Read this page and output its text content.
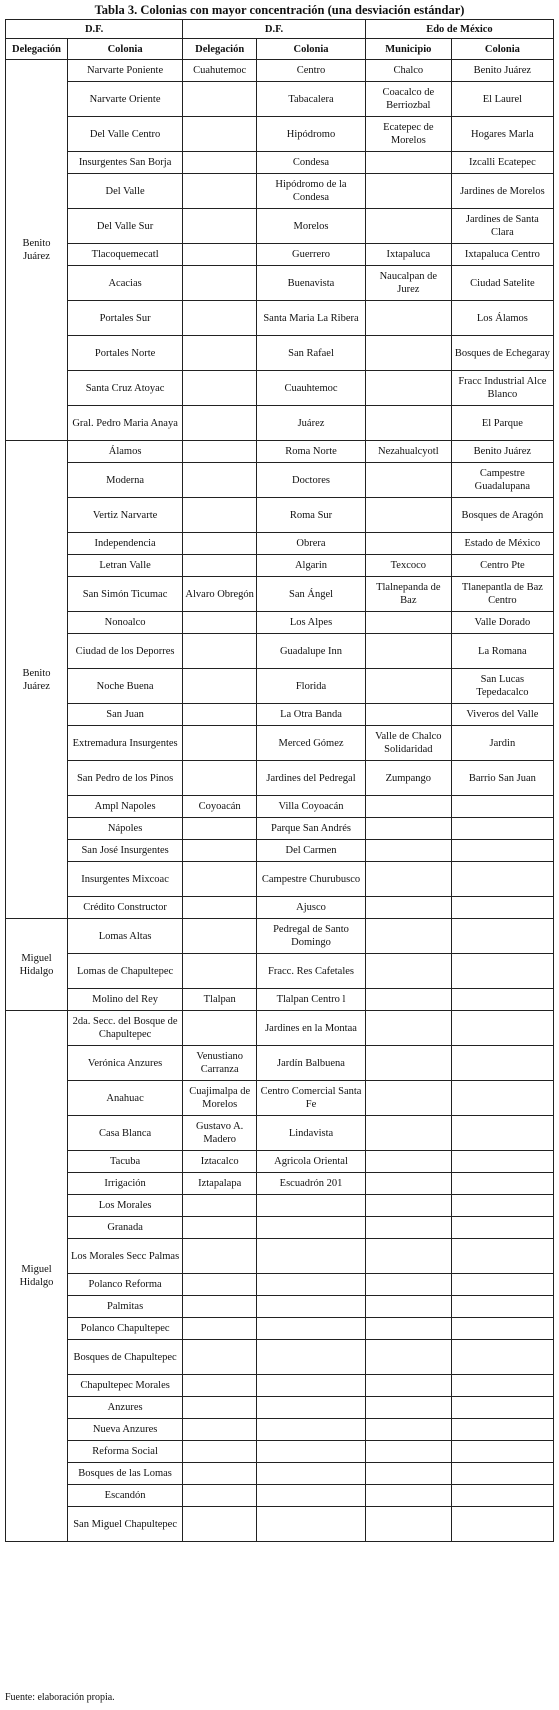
Tabla 3. Colonias con mayor concentración (una desviación estándar)
D.F.		D.F.		Edo de México	
Delegación	Colonia	Delegación	Colonia	Municipio	Colonia
Benito Juárez	Narvarte Poniente	Cuahutemoc	Centro	Chalco	Benito Juárez
	Narvarte Oriente		Tabacalera	Coacalco de Berriozbal	El Laurel
	Del Valle Centro		Hipódromo	Ecatepec de Morelos	Hogares Marla
	Insurgentes San Borja		Condesa		Izcalli Ecatepec
	Del Valle		Hipódromo de la Condesa		Jardines de Morelos
	Del Valle Sur		Morelos		Jardines de Santa Clara
	Tlacoquemecatl		Guerrero	Ixtapaluca	Ixtapaluca Centro
	Acacias		Buenavista	Naucalpan de Jurez	Ciudad Satelite
	Portales Sur		Santa Maria La Ribera		Los Álamos
	Portales Norte		San Rafael		Bosques de Echegaray
	Santa Cruz Atoyac		Cuauhtemoc		Fracc Industrial Alce Blanco
	Gral. Pedro Maria Anaya		Juárez		El Parque
Benito Juárez	Álamos		Roma Norte	Nezahualcyotl	Benito Juárez
	Moderna		Doctores		Campestre Guadalupana
	Vertiz Narvarte		Roma Sur		Bosques de Aragón
	Independencia		Obrera		Estado de México
	Letran Valle		Algarin	Texcoco	Centro Pte
	San Simón Ticumac	Alvaro Obregón	San Ángel	Tlalnepanda de Baz	Tlanepantla de Baz Centro
	Nonoalco		Los Alpes		Valle Dorado
	Ciudad de los Deporres		Guadalupe Inn		La Romana
	Noche Buena		Florida		San Lucas Tepedacalco
	San Juan		La Otra Banda		Viveros del Valle
	Extremadura Insurgentes		Merced Gómez	Valle de Chalco Solidaridad	Jardin
	San Pedro de los Pinos		Jardines del Pedregal	Zumpango	Barrio San Juan
	Ampl Napoles	Coyoacán	Villa Coyoacán		
	Nápoles		Parque San Andrés		
	San José Insurgentes		Del Carmen		
	Insurgentes Mixcoac		Campestre Churubusco		
	Crédito Constructor		Ajusco		
Miguel Hidalgo	Lomas Altas		Pedregal de Santo Domingo		
	Lomas de Chapultepec		Fracc. Res Cafetales		
	Molino del Rey	Tlalpan	Tlalpan Centro l		
Miguel Hidalgo	2da. Secc. del Bosque de Chapultepec		Jardines en la Montaa		
	Verónica Anzures	Venustiano Carranza	Jardín Balbuena		
	Anahuac	Cuajimalpa de Morelos	Centro Comercial Santa Fe		
	Casa Blanca	Gustavo A. Madero	Lindavista		
	Tacuba	Iztacalco	Agricola Oriental		
	Irrigación	Iztapalapa	Escuadrón 201		
	Los Morales				
	Granada				
	Los Morales Secc Palmas				
	Polanco Reforma				
	Palmitas				
	Polanco Chapultepec				
	Bosques de Chapultepec				
	Chapultepec Morales				
	Anzures				
	Nueva Anzures				
	Reforma Social				
	Bosques de las Lomas				
	Escandón				
	San Miguel Chapultepec				
Fuente: elaboración propia.
